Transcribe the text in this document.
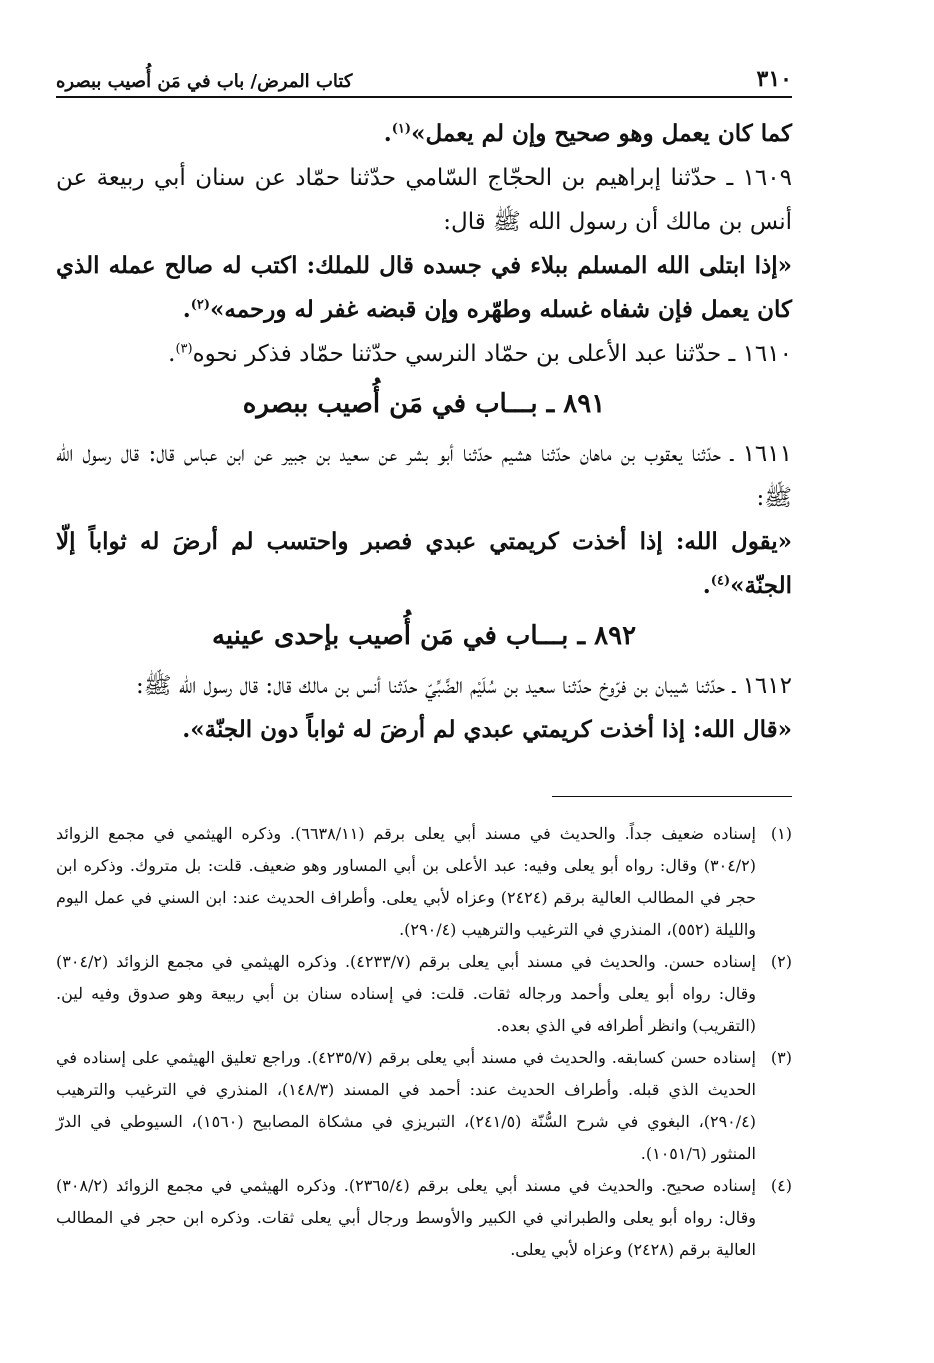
٣١٠
كتاب المرض/ باب في مَن أُصيب ببصره

كما كان يعمل وهو صحيح وإن لم يعمل»$^{(١)}$.

١٦٠٩ ـ حدّثنا إبراهيم بن الحجّاج السّامي حدّثنا حمّاد عن سنان أبي ربيعة عن أنس بن مالك أن رسول الله ﷺ قال:

«إذا ابتلى الله المسلم ببلاء في جسده قال للملك: اكتب له صالح عمله الذي كان يعمل فإن شفاه غسله وطهّره وإن قبضه غفر له ورحمه»$^{(٢)}$.

١٦١٠ ـ حدّثنا عبد الأعلى بن حمّاد النرسي حدّثنا حمّاد فذكر نحوه$^{(٣)}$.

٨٩١ ـ بـــاب في مَن أُصيب ببصره

١٦١١ ـ حدّثنا يعقوب بن ماهان حدّثنا هشيم حدّثنا أبو بشر عن سعيد بن جبير عن ابن عباس قال: قال رسول الله ﷺ:

«يقول الله: إذا أخذت كريمتي عبدي فصبر واحتسب لم أرضَ له ثواباً إلّا الجنّة»$^{(٤)}$.

٨٩٢ ـ بـــاب في مَن أُصيب بإحدى عينيه

١٦١٢ ـ حدّثنا شيبان بن فرّوخ حدّثنا سعيد بن سُلَيْم الضَّبِّيّ حدّثنا أنس بن مالك قال: قال رسول الله ﷺ:

«قال الله: إذا أخذت كريمتي عبدي لم أرضَ له ثواباً دون الجنّة».

(١)
إسناده ضعيف جداً. والحديث في مسند أبي يعلى برقم (٦٦٣٨/١١). وذكره الهيثمي في مجمع الزوائد (٣٠٤/٢) وقال: رواه أبو يعلى وفيه: عبد الأعلى بن أبي المساور وهو ضعيف. قلت: بل متروك. وذكره ابن حجر في المطالب العالية برقم (٢٤٢٤) وعزاه لأبي يعلى. وأطراف الحديث عند: ابن السني في عمل اليوم والليلة (٥٥٢)، المنذري في الترغيب والترهيب (٢٩٠/٤).
(٢)
إسناده حسن. والحديث في مسند أبي يعلى برقم (٤٢٣٣/٧). وذكره الهيثمي في مجمع الزوائد (٣٠٤/٢) وقال: رواه أبو يعلى وأحمد ورجاله ثقات. قلت: في إسناده سنان بن أبي ربيعة وهو صدوق وفيه لين. (التقريب) وانظر أطرافه في الذي بعده.
(٣)
إسناده حسن كسابقه. والحديث في مسند أبي يعلى برقم (٤٢٣٥/٧). وراجع تعليق الهيثمي على إسناده في الحديث الذي قبله. وأطراف الحديث عند: أحمد في المسند (١٤٨/٣)، المنذري في الترغيب والترهيب (٢٩٠/٤)، البغوي في شرح السُّنّة (٢٤١/٥)، التبريزي في مشكاة المصابيح (١٥٦٠)، السيوطي في الدرّ المنثور (١٠٥١/٦).
(٤)
إسناده صحيح. والحديث في مسند أبي يعلى برقم (٢٣٦٥/٤). وذكره الهيثمي في مجمع الزوائد (٣٠٨/٢) وقال: رواه أبو يعلى والطبراني في الكبير والأوسط ورجال أبي يعلى ثقات. وذكره ابن حجر في المطالب العالية برقم (٢٤٢٨) وعزاه لأبي يعلى.
